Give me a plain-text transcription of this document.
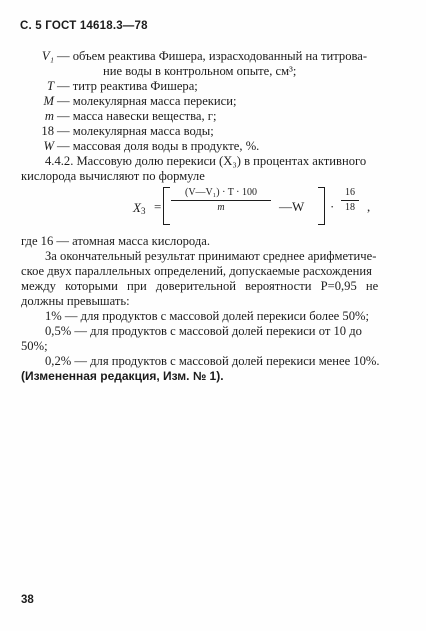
С. 5 ГОСТ 14618.3—78
V₁ — объем реактива Фишера, израсходованный на титрова-
ние воды в контрольном опыте, см³;
T — титр реактива Фишера;
M — молекулярная масса перекиси;
m — масса навески вещества, г;
18 — молекулярная масса воды;
W — массовая доля воды в продукте, %.
4.4.2. Массовую долю перекиси (X₃) в процентах активного
кислорода вычисляют по формуле
$X_3 = \frac{\text{(V—V₁) · T · 100}}{m}$ —W · $\frac{16}{18}$ ,
где 16 — атомная масса кислорода.
За окончательный результат принимают среднее арифметиче-
ское двух параллельных определений, допускаемые расхождения
между которыми при доверительной вероятности P=0,95 не
должны превышать:
1% — для продуктов с массовой долей перекиси более 50%;
0,5% — для продуктов с массовой долей перекиси от 10 до
50%;
0,2% — для продуктов с массовой долей перекиси менее 10%.
(Измененная редакция, Изм. № 1).
38
